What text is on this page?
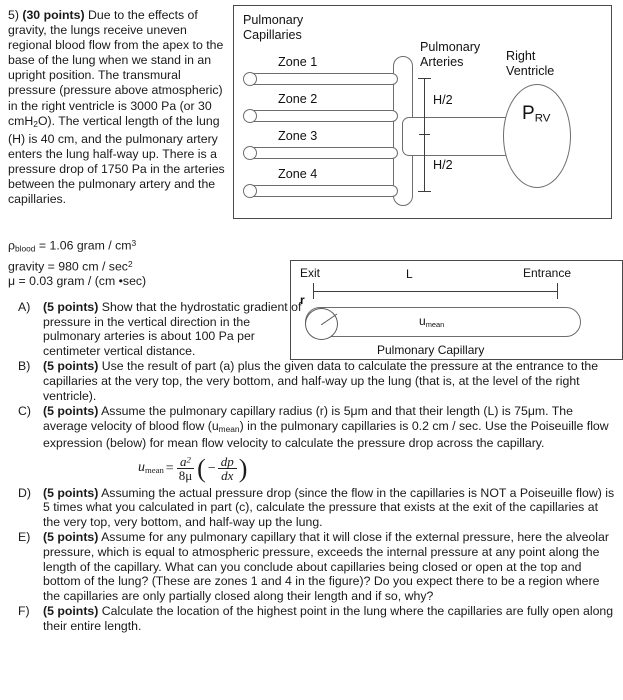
5) (30 points) Due to the effects of gravity, the lungs receive uneven regional blood flow from the apex to the base of the lung when we stand in an upright position. The transmural pressure (pressure above atmospheric) in the right ventricle is 3000 Pa (or 30 cmH$_2$O). The vertical length of the lung (H) is 40 cm, and the pulmonary artery enters the lung half-way up. There is a pressure drop of 1750 Pa in the arteries between the pulmonary artery and the capillaries.
$\rho_{blood} = 1.06$ gram / $cm^3$
gravity = 980 cm / $\sec^2$
μ = 0.03 gram / (cm •sec)
Pulmonary
Capillaries
Pulmonary
Arteries	Right
Ventricle
Zone 1
Zone 2
Zone 3
Zone 4
$P_{RV}$
H/2
H/2
Exit	Entrance
L
r
$u_{mean}$
Pulmonary Capillary
A)	(5 points) Show that the hydrostatic gradient of pressure in the vertical direction in the pulmonary arteries is about 100 Pa per centimeter vertical distance.
B)	(5 points) Use the result of part (a) plus the given data to calculate the pressure at the entrance to the capillaries at the very top, the very bottom, and half-way up the lung (that is, at the level of the right ventricle).
C) (5 points) Assume the pulmonary capillary radius (r) is 5μm and that their length (L) is 75μm. The average velocity of blood flow $(u_{mean})$ in the pulmonary capillaries is 0.2 cm / sec. Use the Poiseuille flow expression (below) for mean flow velocity to calculate the pressure drop across the capillary.
$u_{mean} = \frac{a^2}{8\mu}$ ( − $\frac{dp}{dx}$ )
D) (5 points) Assuming the actual pressure drop (since the flow in the capillaries is NOT a Poiseuille flow) is 5 times what you calculated in part (c), calculate the pressure that exists at the exit of the capillaries at the very top, very bottom, and half-way up the lung.
E)	(5 points) Assume for any pulmonary capillary that it will close if the external pressure, here the alveolar pressure, which is equal to atmospheric pressure, exceeds the internal pressure at any point along the length of the capillary. What can you conclude about capillaries being closed or open at the top and bottom of the lung? (These are zones 1 and 4 in the figure)? Do you expect there to be a region where the capillaries are only partially closed along their length and if so, why?
F)	(5 points) Calculate the location of the highest point in the lung where the capillaries are fully open along their entire length.
